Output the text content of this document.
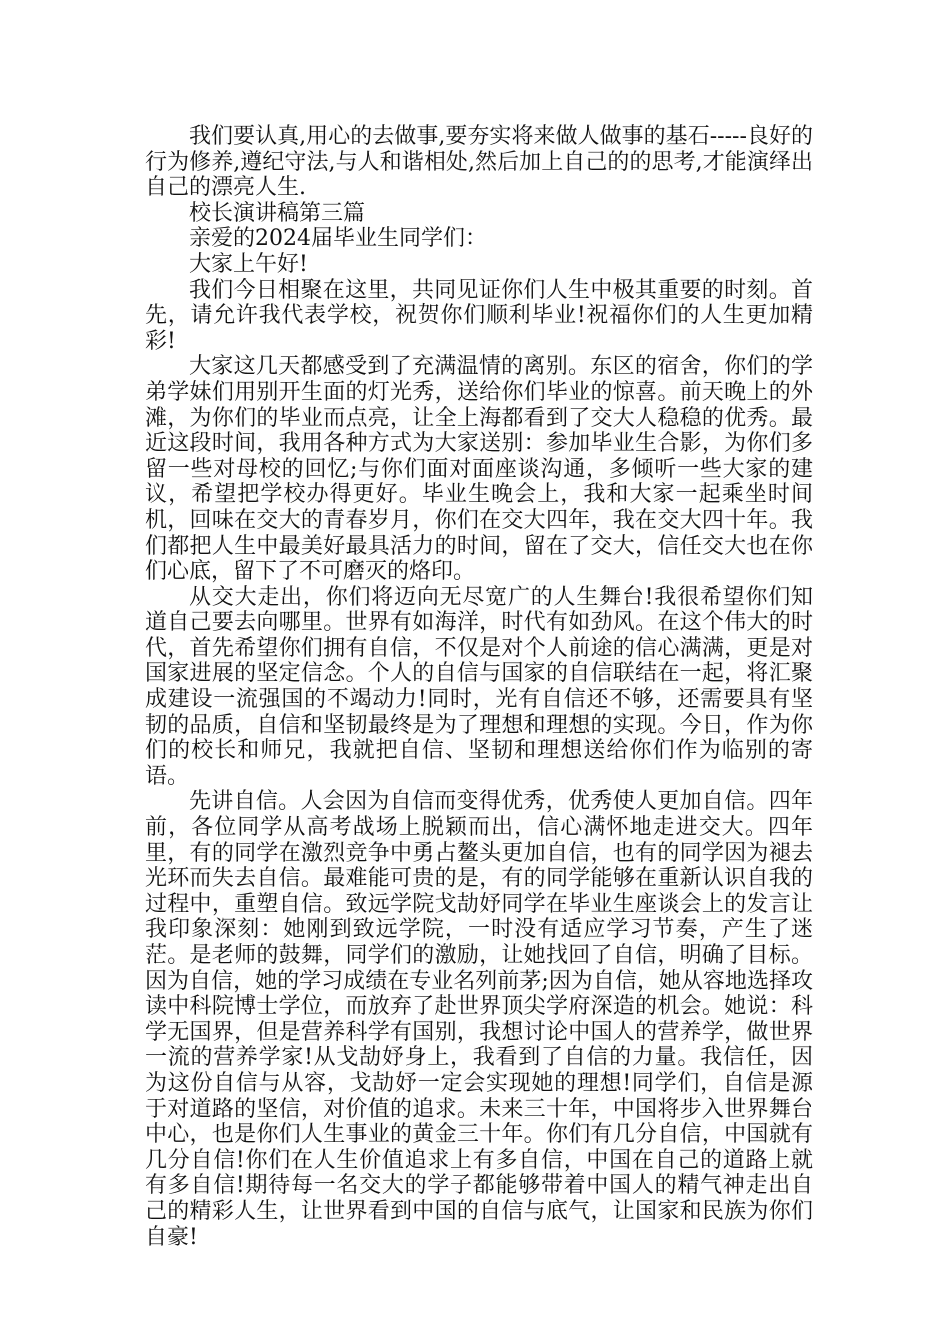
我们要认真,用心的去做事,要夯实将来做人做事的基石-----良好的行为修养,遵纪守法,与人和谐相处,然后加上自己的的思考,才能演绎出自己的漂亮人生.

校长演讲稿第三篇

亲爱的2024届毕业生同学们：

大家上午好!

我们今日相聚在这里，共同见证你们人生中极其重要的时刻。首先，请允许我代表学校，祝贺你们顺利毕业!祝福你们的人生更加精彩!

大家这几天都感受到了充满温情的离别。东区的宿舍，你们的学弟学妹们用别开生面的灯光秀，送给你们毕业的惊喜。前天晚上的外滩，为你们的毕业而点亮，让全上海都看到了交大人稳稳的优秀。最近这段时间，我用各种方式为大家送别：参加毕业生合影，为你们多留一些对母校的回忆;与你们面对面座谈沟通，多倾听一些大家的建议，希望把学校办得更好。毕业生晚会上，我和大家一起乘坐时间机，回味在交大的青春岁月，你们在交大四年，我在交大四十年。我们都把人生中最美好最具活力的时间，留在了交大，信任交大也在你们心底，留下了不可磨灭的烙印。

从交大走出，你们将迈向无尽宽广的人生舞台!我很希望你们知道自己要去向哪里。世界有如海洋，时代有如劲风。在这个伟大的时代，首先希望你们拥有自信，不仅是对个人前途的信心满满，更是对国家进展的坚定信念。个人的自信与国家的自信联结在一起，将汇聚成建设一流强国的不竭动力!同时，光有自信还不够，还需要具有坚韧的品质，自信和坚韧最终是为了理想和理想的实现。今日，作为你们的校长和师兄，我就把自信、坚韧和理想送给你们作为临别的寄语。

先讲自信。人会因为自信而变得优秀，优秀使人更加自信。四年前，各位同学从高考战场上脱颖而出，信心满怀地走进交大。四年里，有的同学在激烈竞争中勇占鳌头更加自信，也有的同学因为褪去光环而失去自信。最难能可贵的是，有的同学能够在重新认识自我的过程中，重塑自信。致远学院戈劼妤同学在毕业生座谈会上的发言让我印象深刻：她刚到致远学院，一时没有适应学习节奏，产生了迷茫。是老师的鼓舞，同学们的激励，让她找回了自信，明确了目标。因为自信，她的学习成绩在专业名列前茅;因为自信，她从容地选择攻读中科院博士学位，而放弃了赴世界顶尖学府深造的机会。她说：科学无国界，但是营养科学有国别，我想讨论中国人的营养学，做世界一流的营养学家!从戈劼妤身上，我看到了自信的力量。我信任，因为这份自信与从容，戈劼妤一定会实现她的理想!同学们，自信是源于对道路的坚信，对价值的追求。未来三十年，中国将步入世界舞台中心，也是你们人生事业的黄金三十年。你们有几分自信，中国就有几分自信!你们在人生价值追求上有多自信，中国在自己的道路上就有多自信!期待每一名交大的学子都能够带着中国人的精气神走出自己的精彩人生，让世界看到中国的自信与底气，让国家和民族为你们自豪!
